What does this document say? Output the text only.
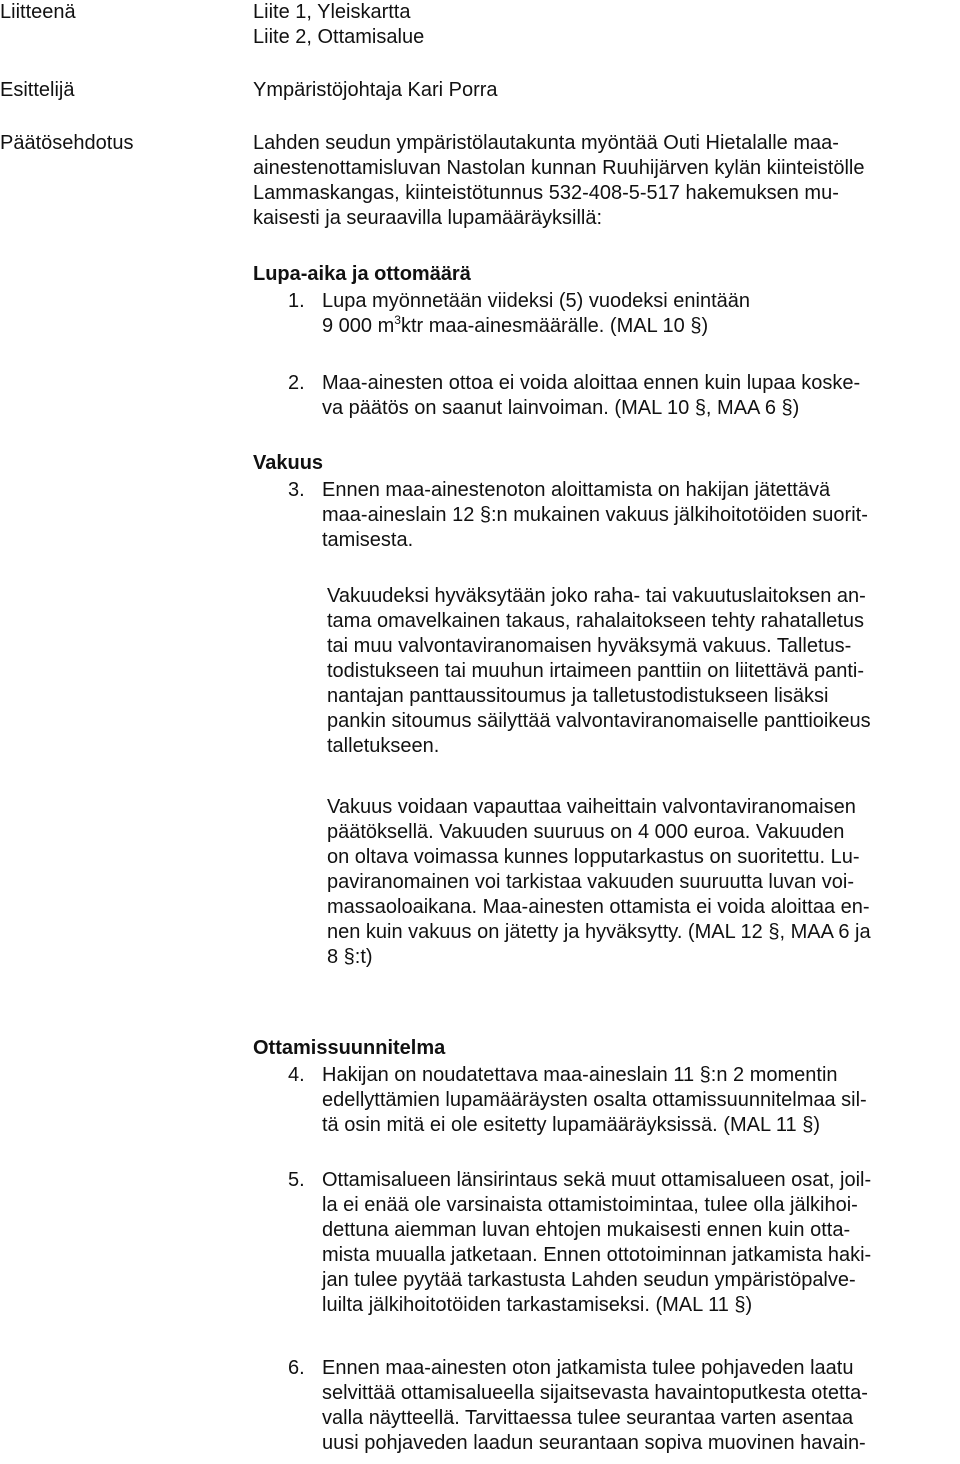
Liitteenä
Esittelijä
Päätösehdotus
Liite 1, Yleiskartta
Liite 2, Ottamisalue
Ympäristöjohtaja Kari Porra
Lahden seudun ympäristölautakunta myöntää Outi Hietalalle maa-
ainestenottamisluvan Nastolan kunnan Ruuhijärven kylän kiinteistölle
Lammaskangas, kiinteistötunnus 532-408-5-517 hakemuksen mu-
kaisesti ja seuraavilla lupamääräyksillä:
Lupa-aika ja ottomäärä
1. Lupa myönnetään viideksi (5) vuodeksi enintään
9 000 $m^3ktr$ maa-ainesmäärälle. (MAL 10 §)
2. Maa-ainesten ottoa ei voida aloittaa ennen kuin lupaa koske-
va päätös on saanut lainvoiman. (MAL 10 §, MAA 6 §)
Vakuus
3. Ennen maa-ainestenoton aloittamista on hakijan jätettävä
maa-aineslain 12 §:n mukainen vakuus jälkihoitotöiden suorit-
tamisesta.
Vakuudeksi hyväksytään joko raha- tai vakuutuslaitoksen an-
tama omavelkainen takaus, rahalaitokseen tehty rahatalletus
tai muu valvontaviranomaisen hyväksymä vakuus. Talletus-
todistukseen tai muuhun irtaimeen panttiin on liitettävä panti-
nantajan panttaussitoumus ja talletustodistukseen lisäksi
pankin sitoumus säilyttää valvontaviranomaiselle panttioikeus
talletukseen.
Vakuus voidaan vapauttaa vaiheittain valvontaviranomaisen
päätöksellä. Vakuuden suuruus on 4 000 euroa. Vakuuden
on oltava voimassa kunnes lopputarkastus on suoritettu. Lu-
paviranomainen voi tarkistaa vakuuden suuruutta luvan voi-
massaoloaikana. Maa-ainesten ottamista ei voida aloittaa en-
nen kuin vakuus on jätetty ja hyväksytty. (MAL 12 §, MAA 6 ja
8 §:t)
Ottamissuunnitelma
4. Hakijan on noudatettava maa-aineslain 11 §:n 2 momentin
edellyttämien lupamääräysten osalta ottamissuunnitelmaa sil-
tä osin mitä ei ole esitetty lupamääräyksissä. (MAL 11 §)
5. Ottamisalueen länsirintaus sekä muut ottamisalueen osat, joil-
la ei enää ole varsinaista ottamistoimintaa, tulee olla jälkihoi-
dettuna aiemman luvan ehtojen mukaisesti ennen kuin otta-
mista muualla jatketaan. Ennen ottotoiminnan jatkamista haki-
jan tulee pyytää tarkastusta Lahden seudun ympäristöpalve-
luilta jälkihoitotöiden tarkastamiseksi. (MAL 11 §)
6. Ennen maa-ainesten oton jatkamista tulee pohjaveden laatu
selvittää ottamisalueella sijaitsevasta havaintoputkesta otetta-
valla näytteellä. Tarvittaessa tulee seurantaa varten asentaa
uusi pohjaveden laadun seurantaan sopiva muovinen havain-
